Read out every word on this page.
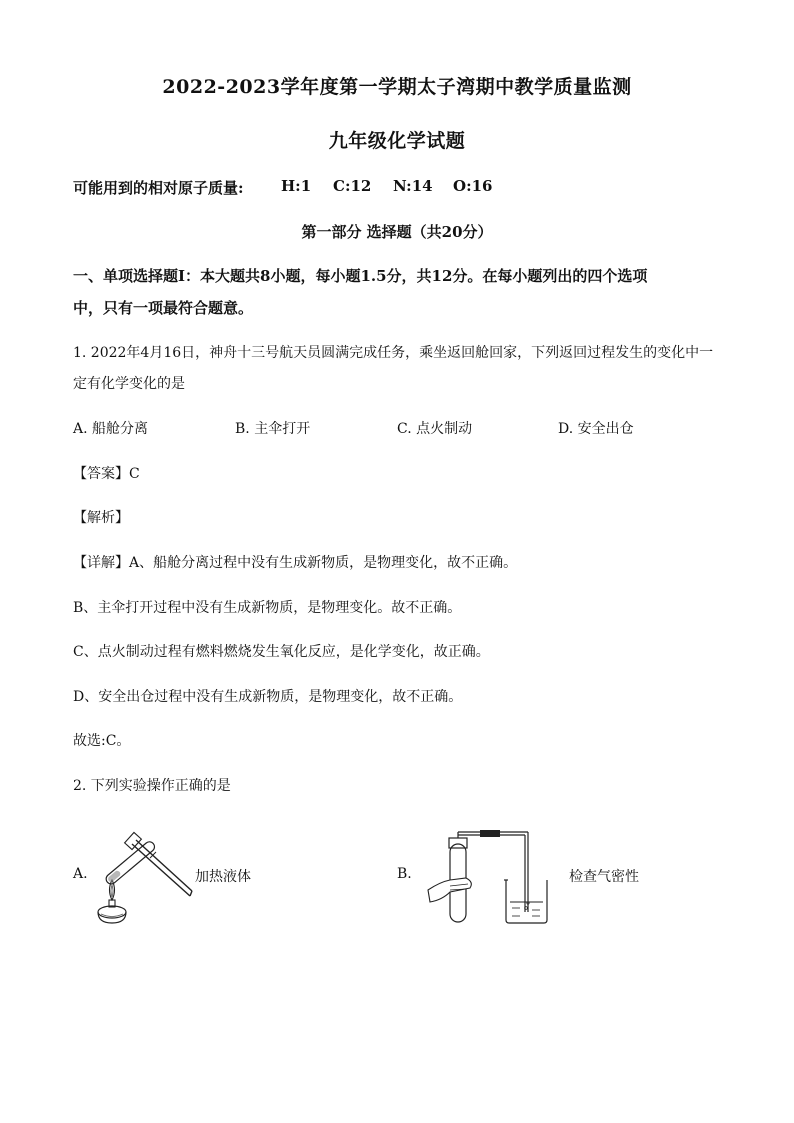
2022-2023学年度第一学期太子湾期中教学质量监测
九年级化学试题
可能用到的相对原子质量: H:1 C:12 N:14 O:16
第一部分 选择题（共20分）
一、单项选择题Ⅰ：本大题共8小题，每小题1.5分，共12分。在每小题列出的四个选项
中，只有一项最符合题意。
1. 2022年4月16日，神舟十三号航天员圆满完成任务，乘坐返回舱回家，下列返回过程发生的变化中一
定有化学变化的是
A. 船舱分离	B. 主伞打开	C. 点火制动	D. 安全出仓
【答案】C
【解析】
【详解】A、船舱分离过程中没有生成新物质，是物理变化，故不正确。
B、主伞打开过程中没有生成新物质，是物理变化。故不正确。
C、点火制动过程有燃料燃烧发生氧化反应，是化学变化，故正确。
D、安全出仓过程中没有生成新物质，是物理变化，故不正确。
故选:C。
2. 下列实验操作正确的是
A.	加热液体	B.	检查气密性
